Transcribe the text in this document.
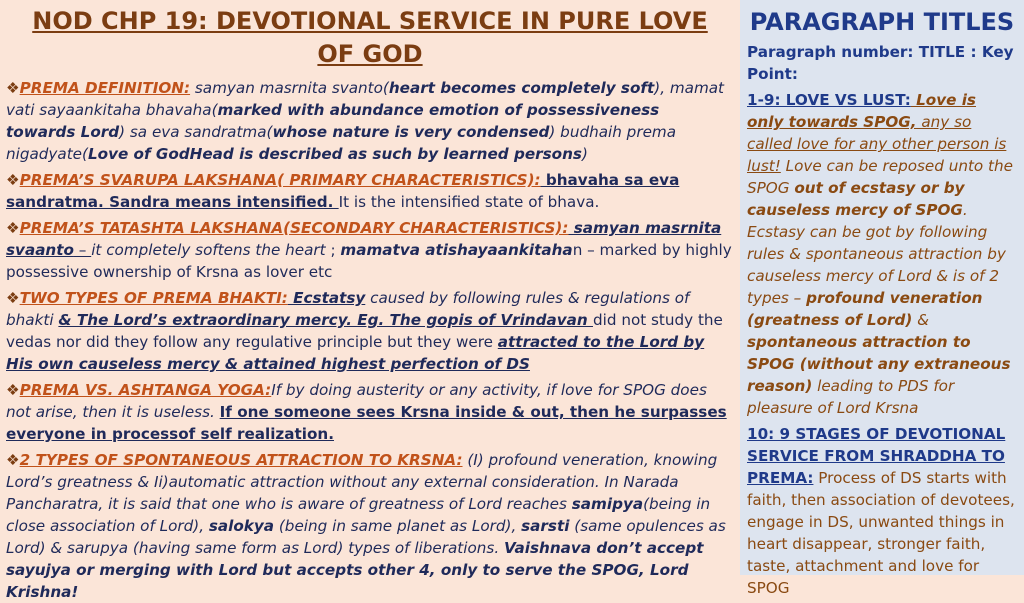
NOD CHP 19: DEVOTIONAL SERVICE IN PURE LOVE OF GOD
❖PREMA DEFINITION: samyan masrnita svanto(heart becomes completely soft), mamat vati sayaankitaha bhavaha(marked with abundance emotion of possessiveness towards Lord) sa eva sandratma(whose nature is very condensed) budhaih prema nigadyate(Love of GodHead is described as such by learned persons)
❖PREMA’S SVARUPA LAKSHANA( PRIMARY CHARACTERISTICS): bhavaha sa eva sandratma. Sandra means intensified. It is the intensified state of bhava.
❖PREMA’S TATASHTA LAKSHANA(SECONDARY CHARACTERISTICS): samyan masrnita svaanto – it completely softens the heart ; mamatva atishayaankitahan – marked by highly possessive ownership of Krsna as lover etc
❖TWO TYPES OF PREMA BHAKTI: Ecstatsy caused by following rules & regulations of bhakti & The Lord’s extraordinary mercy. Eg. The gopis of Vrindavan did not study the vedas nor did they follow any regulative principle but they were attracted to the Lord by His own causeless mercy & attained highest perfection of DS
❖PREMA VS. ASHTANGA YOGA:If by doing austerity or any activity, if love for SPOG does not arise, then it is useless. If one someone sees Krsna inside & out, then he surpasses everyone in processof self realization.
❖2 TYPES OF SPONTANEOUS ATTRACTION TO KRSNA: (I) profound veneration, knowing Lord’s greatness & Ii)automatic attraction without any external consideration. In Narada Pancharatra, it is said that one who is aware of greatness of Lord reaches samipya(being in close association of Lord), salokya (being in same planet as Lord), sarsti (same opulences as Lord) & sarupya (having same form as Lord) types of liberations. Vaishnava don’t accept sayujya or merging with Lord but accepts other 4, only to serve the SPOG, Lord Krishna!
PARAGRAPH TITLES
Paragraph number: TITLE : Key Point:
1-9: LOVE VS LUST: Love is only towards SPOG, any so called love for any other person is lust! Love can be reposed unto the SPOG out of ecstasy or by causeless mercy of SPOG. Ecstasy can be got by following rules & spontaneous attraction by causeless mercy of Lord & is of 2 types – profound veneration (greatness of Lord) & spontaneous attraction to SPOG (without any extraneous reason) leading to PDS for pleasure of Lord Krsna
10: 9 STAGES OF DEVOTIONAL SERVICE FROM SHRADDHA TO PREMA: Process of DS starts with faith, then association of devotees, engage in DS, unwanted things in heart disappear, stronger faith, taste, attachment and love for SPOG
